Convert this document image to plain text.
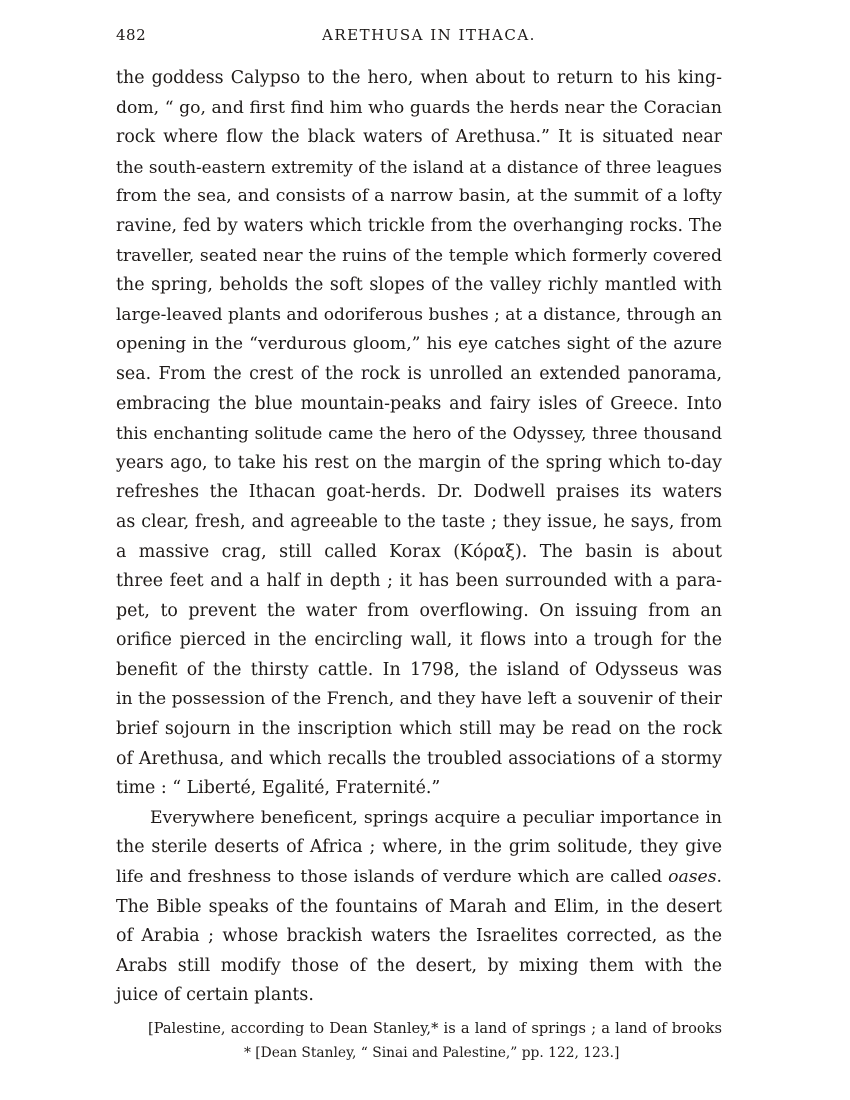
482	ARETHUSA IN ITHACA.
the goddess Calypso to the hero, when about to return to his king-
dom, “ go, and first find him who guards the herds near the Coracian
rock where flow the black waters of Arethusa.” It is situated near
the south-eastern extremity of the island at a distance of three leagues
from the sea, and consists of a narrow basin, at the summit of a lofty
ravine, fed by waters which trickle from the overhanging rocks. The
traveller, seated near the ruins of the temple which formerly covered
the spring, beholds the soft slopes of the valley richly mantled with
large-leaved plants and odoriferous bushes ; at a distance, through an
opening in the “verdurous gloom,” his eye catches sight of the azure
sea. From the crest of the rock is unrolled an extended panorama,
embracing the blue mountain-peaks and fairy isles of Greece. Into
this enchanting solitude came the hero of the Odyssey, three thousand
years ago, to take his rest on the margin of the spring which to-day
refreshes the Ithacan goat-herds. Dr. Dodwell praises its waters
as clear, fresh, and agreeable to the taste ; they issue, he says, from
a massive crag, still called Korax (Κόραξ). The basin is about
three feet and a half in depth ; it has been surrounded with a para-
pet, to prevent the water from overflowing. On issuing from an
orifice pierced in the encircling wall, it flows into a trough for the
benefit of the thirsty cattle. In 1798, the island of Odysseus was
in the possession of the French, and they have left a souvenir of their
brief sojourn in the inscription which still may be read on the rock
of Arethusa, and which recalls the troubled associations of a stormy
time : “ Liberté, Egalité, Fraternité.”
Everywhere beneficent, springs acquire a peculiar importance in
the sterile deserts of Africa ; where, in the grim solitude, they give
life and freshness to those islands of verdure which are called oases.
The Bible speaks of the fountains of Marah and Elim, in the desert
of Arabia ; whose brackish waters the Israelites corrected, as the
Arabs still modify those of the desert, by mixing them with the
juice of certain plants.
[Palestine, according to Dean Stanley,* is a land of springs ; a land of brooks
* [Dean Stanley, “ Sinai and Palestine,” pp. 122, 123.]
